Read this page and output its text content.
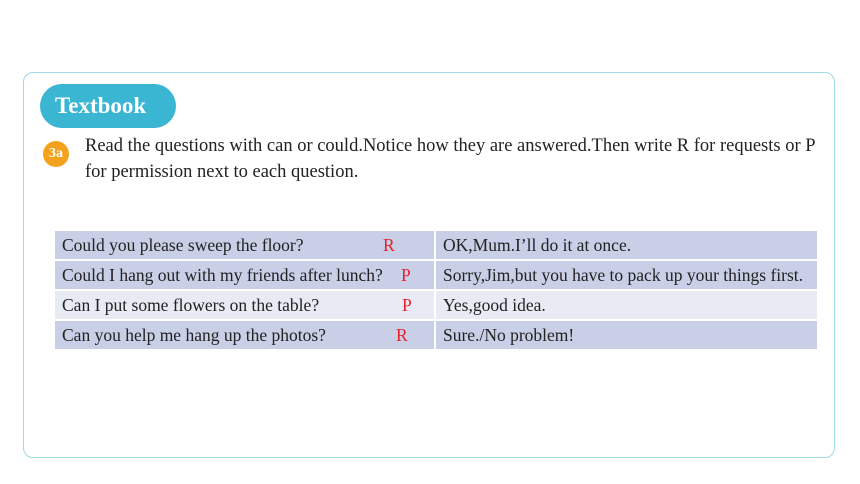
Textbook
3a	Read the questions with can or could.Notice how they are answered.Then write R for requests or P for permission next to each question.
Could you please sweep the floor? R	OK,Mum.I’ll do it at once.
Could I hang out with my friends after lunch? P	Sorry,Jim,but you have to pack up your things first.
Can I put some flowers on the table? P	Yes,good idea.
Can you help me hang up the photos? R	Sure./No problem!
